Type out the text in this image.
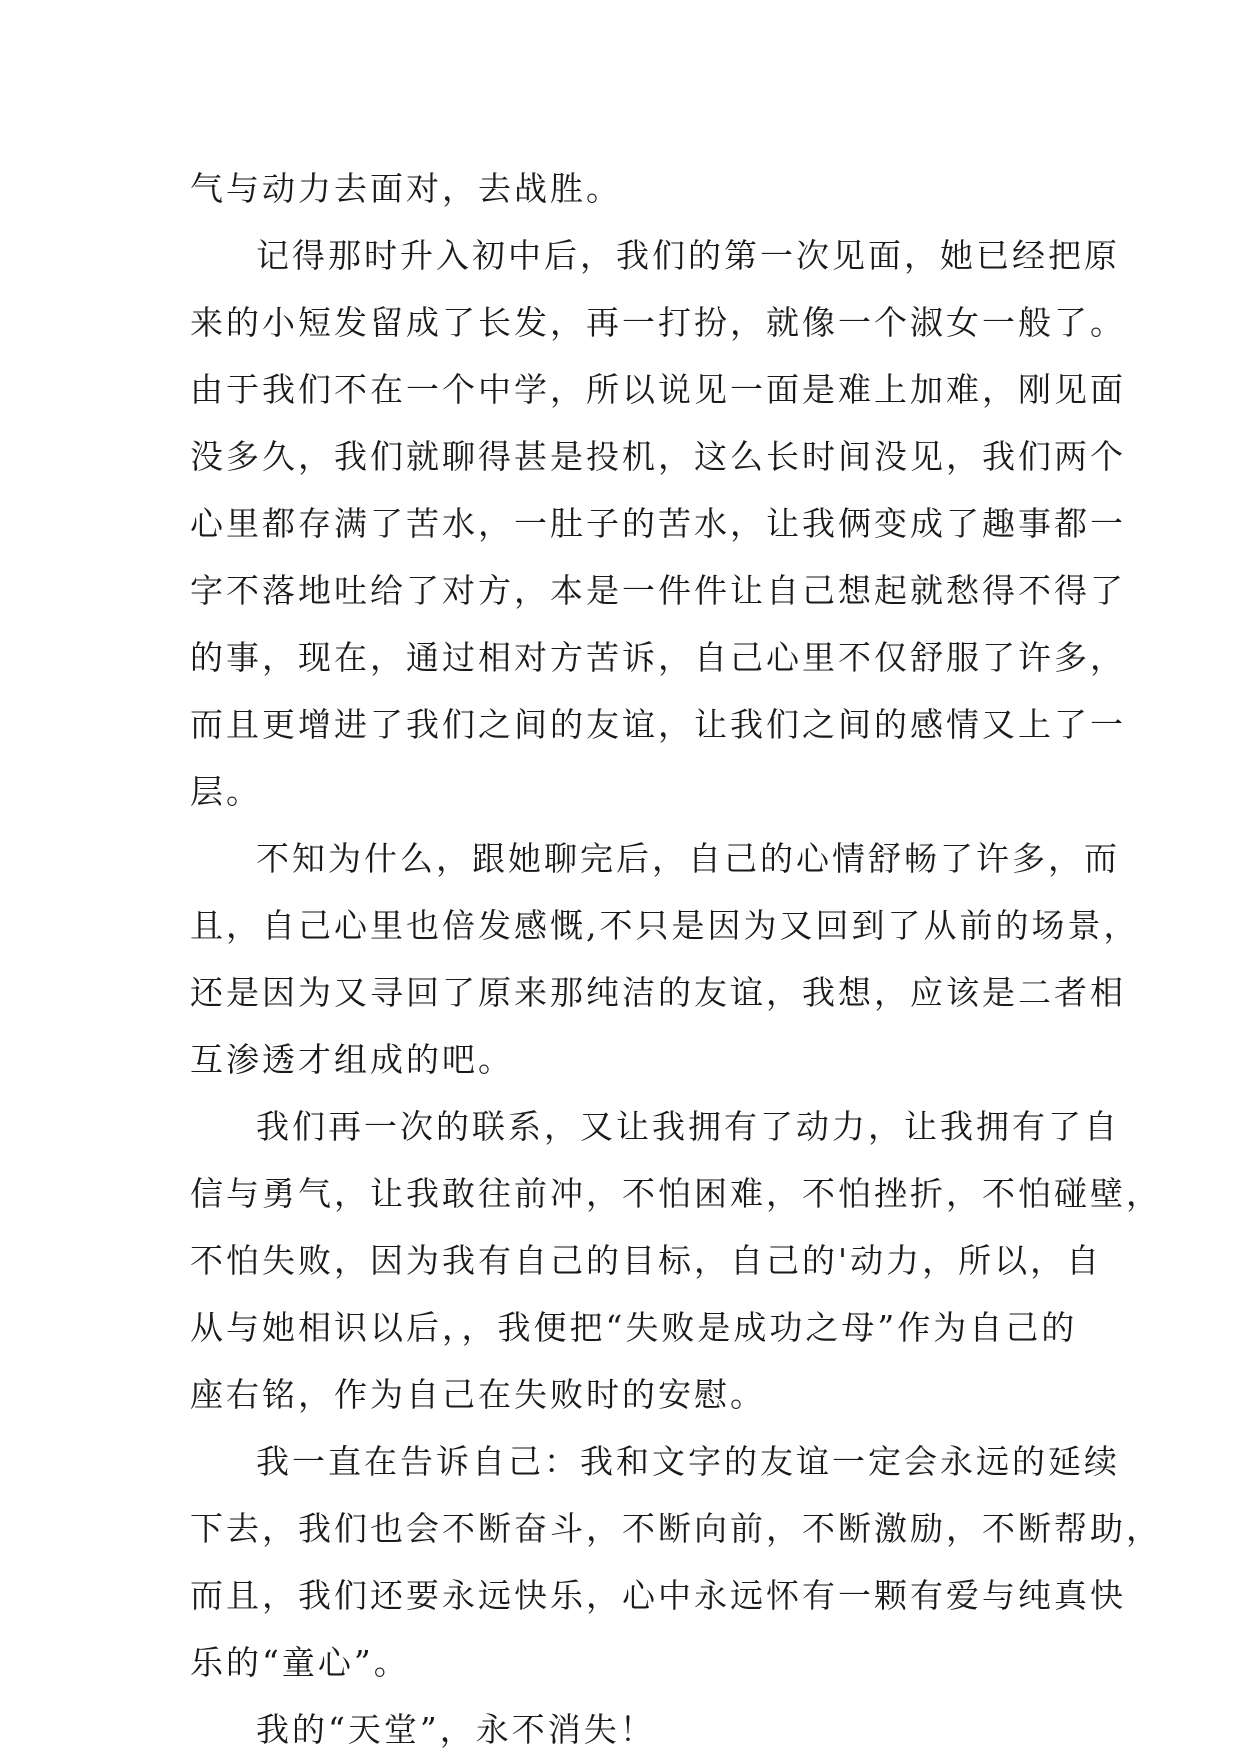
气与动力去面对，去战胜。
记得那时升入初中后，我们的第一次见面，她已经把原
来的小短发留成了长发，再一打扮，就像一个淑女一般了。
由于我们不在一个中学，所以说见一面是难上加难，刚见面
没多久，我们就聊得甚是投机，这么长时间没见，我们两个
心里都存满了苦水，一肚子的苦水，让我俩变成了趣事都一
字不落地吐给了对方，本是一件件让自己想起就愁得不得了
的事，现在，通过相对方苦诉，自己心里不仅舒服了许多，
而且更增进了我们之间的友谊，让我们之间的感情又上了一
层。
不知为什么，跟她聊完后，自己的心情舒畅了许多，而
且，自己心里也倍发感慨,不只是因为又回到了从前的场景，
还是因为又寻回了原来那纯洁的友谊，我想，应该是二者相
互渗透才组成的吧。
我们再一次的联系，又让我拥有了动力，让我拥有了自
信与勇气，让我敢往前冲，不怕困难，不怕挫折，不怕碰壁，
不怕失败，因为我有自己的目标，自己的'动力，所以，自
从与她相识以后，，我便把“失败是成功之母”作为自己的
座右铭，作为自己在失败时的安慰。
我一直在告诉自己：我和文字的友谊一定会永远的延续
下去，我们也会不断奋斗，不断向前，不断激励，不断帮助，
而且，我们还要永远快乐，心中永远怀有一颗有爱与纯真快
乐的“童心”。
我的“天堂”，永不消失！
